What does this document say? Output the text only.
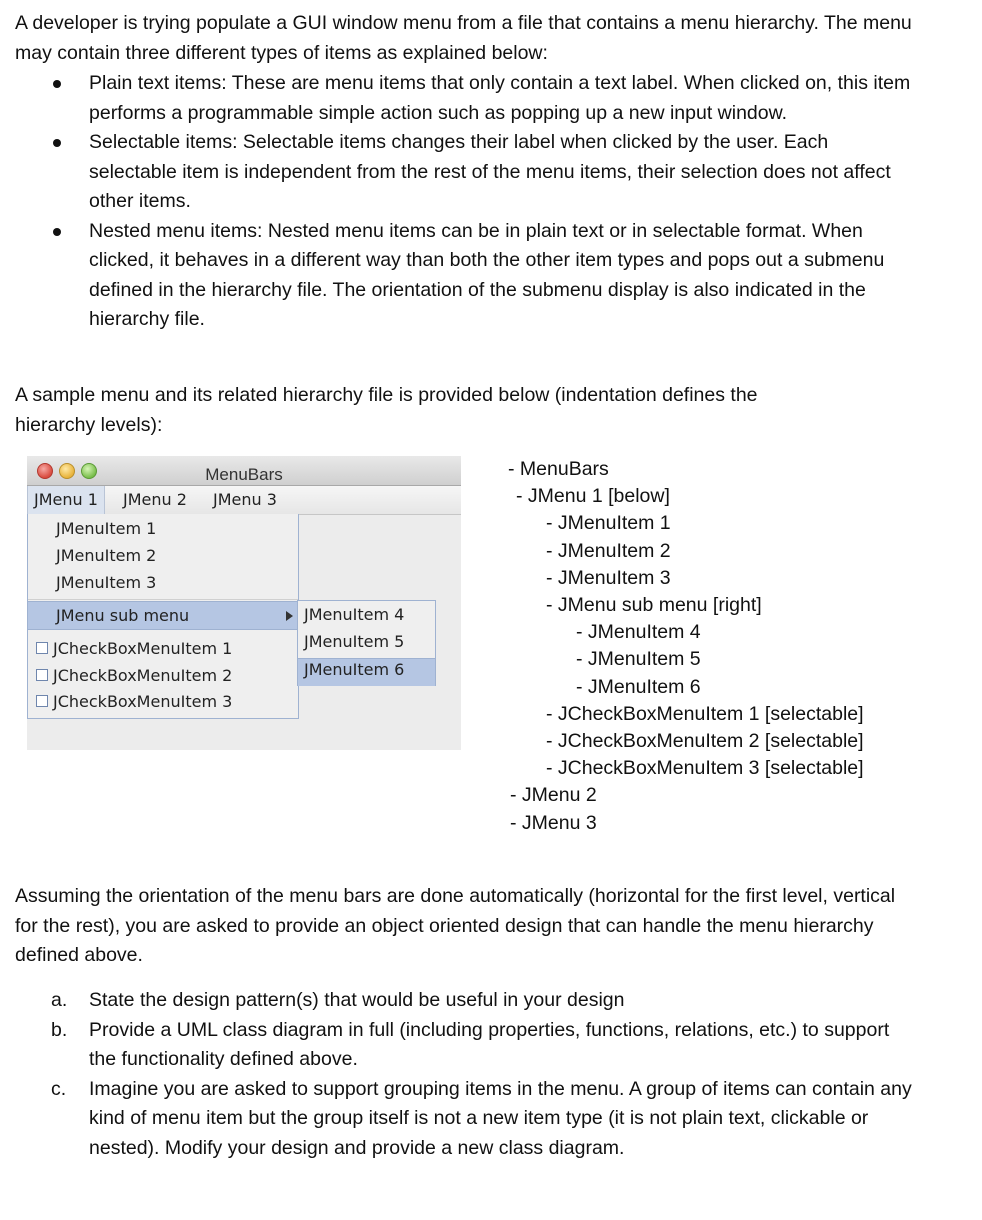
A developer is trying populate a GUI window menu from a file that contains a menu hierarchy. The menu may contain three different types of items as explained below:

Plain text items: These are menu items that only contain a text label. When clicked on, this item performs a programmable simple action such as popping up a new input window.
Selectable items: Selectable items changes their label when clicked by the user. Each selectable item is independent from the rest of the menu items, their selection does not affect other items.
Nested menu items: Nested menu items can be in plain text or in selectable format. When clicked, it behaves in a different way than both the other item types and pops out a submenu defined in the hierarchy file. The orientation of the submenu display is also indicated in the hierarchy file.

A sample menu and its related hierarchy file is provided below (indentation defines the hierarchy levels):

MenuBars
JMenu 1	JMenu 2	JMenu 3
JMenuItem 1
JMenuItem 2
JMenuItem 3
JMenu sub menu
JCheckBoxMenuItem 1
JCheckBoxMenuItem 2
JCheckBoxMenuItem 3
JMenuItem 4
JMenuItem 5
JMenuItem 6
- MenuBars
- JMenu 1 [below]
- JMenuItem 1
- JMenuItem 2
- JMenuItem 3
- JMenu sub menu [right]
- JMenuItem 4
- JMenuItem 5
- JMenuItem 6
- JCheckBoxMenuItem 1 [selectable]
- JCheckBoxMenuItem 2 [selectable]
- JCheckBoxMenuItem 3 [selectable]
- JMenu 2
- JMenu 3

Assuming the orientation of the menu bars are done automatically (horizontal for the first level, vertical for the rest), you are asked to provide an object oriented design that can handle the menu hierarchy defined above.

a. State the design pattern(s) that would be useful in your design
b. Provide a UML class diagram in full (including properties, functions, relations, etc.) to support the functionality defined above.
c. Imagine you are asked to support grouping items in the menu. A group of items can contain any kind of menu item but the group itself is not a new item type (it is not plain text, clickable or nested). Modify your design and provide a new class diagram.
